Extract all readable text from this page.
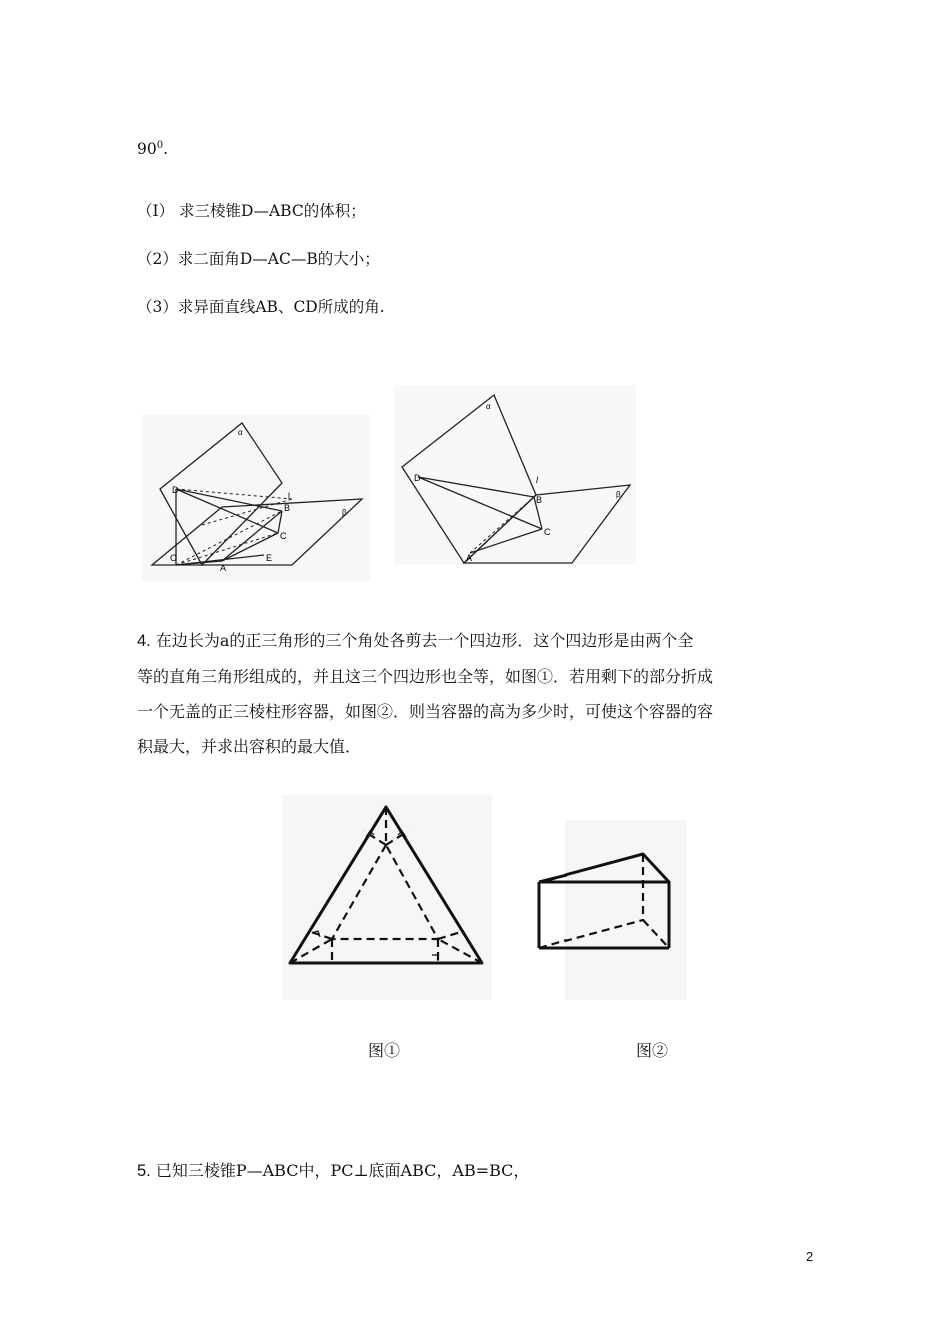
$90^0$.
（I） 求三棱锥D—ABC的体积；
（2）求二面角D—AC—B的大小；
（3）求异面直线AB、CD所成的角.
D
B
C
O
A
E
l
α
β
D
B
C
A
l
α
β
4. 在边长为a的正三角形的三个角处各剪去一个四边形．这个四边形是由两个全
等的直角三角形组成的，并且这三个四边形也全等，如图①．若用剩下的部分折成
一个无盖的正三棱柱形容器，如图②．则当容器的高为多少时，可使这个容器的容
积最大，并求出容积的最大值．
图①	图②
5. 已知三棱锥P—ABC中，PC⊥底面ABC，AB=BC，
2
